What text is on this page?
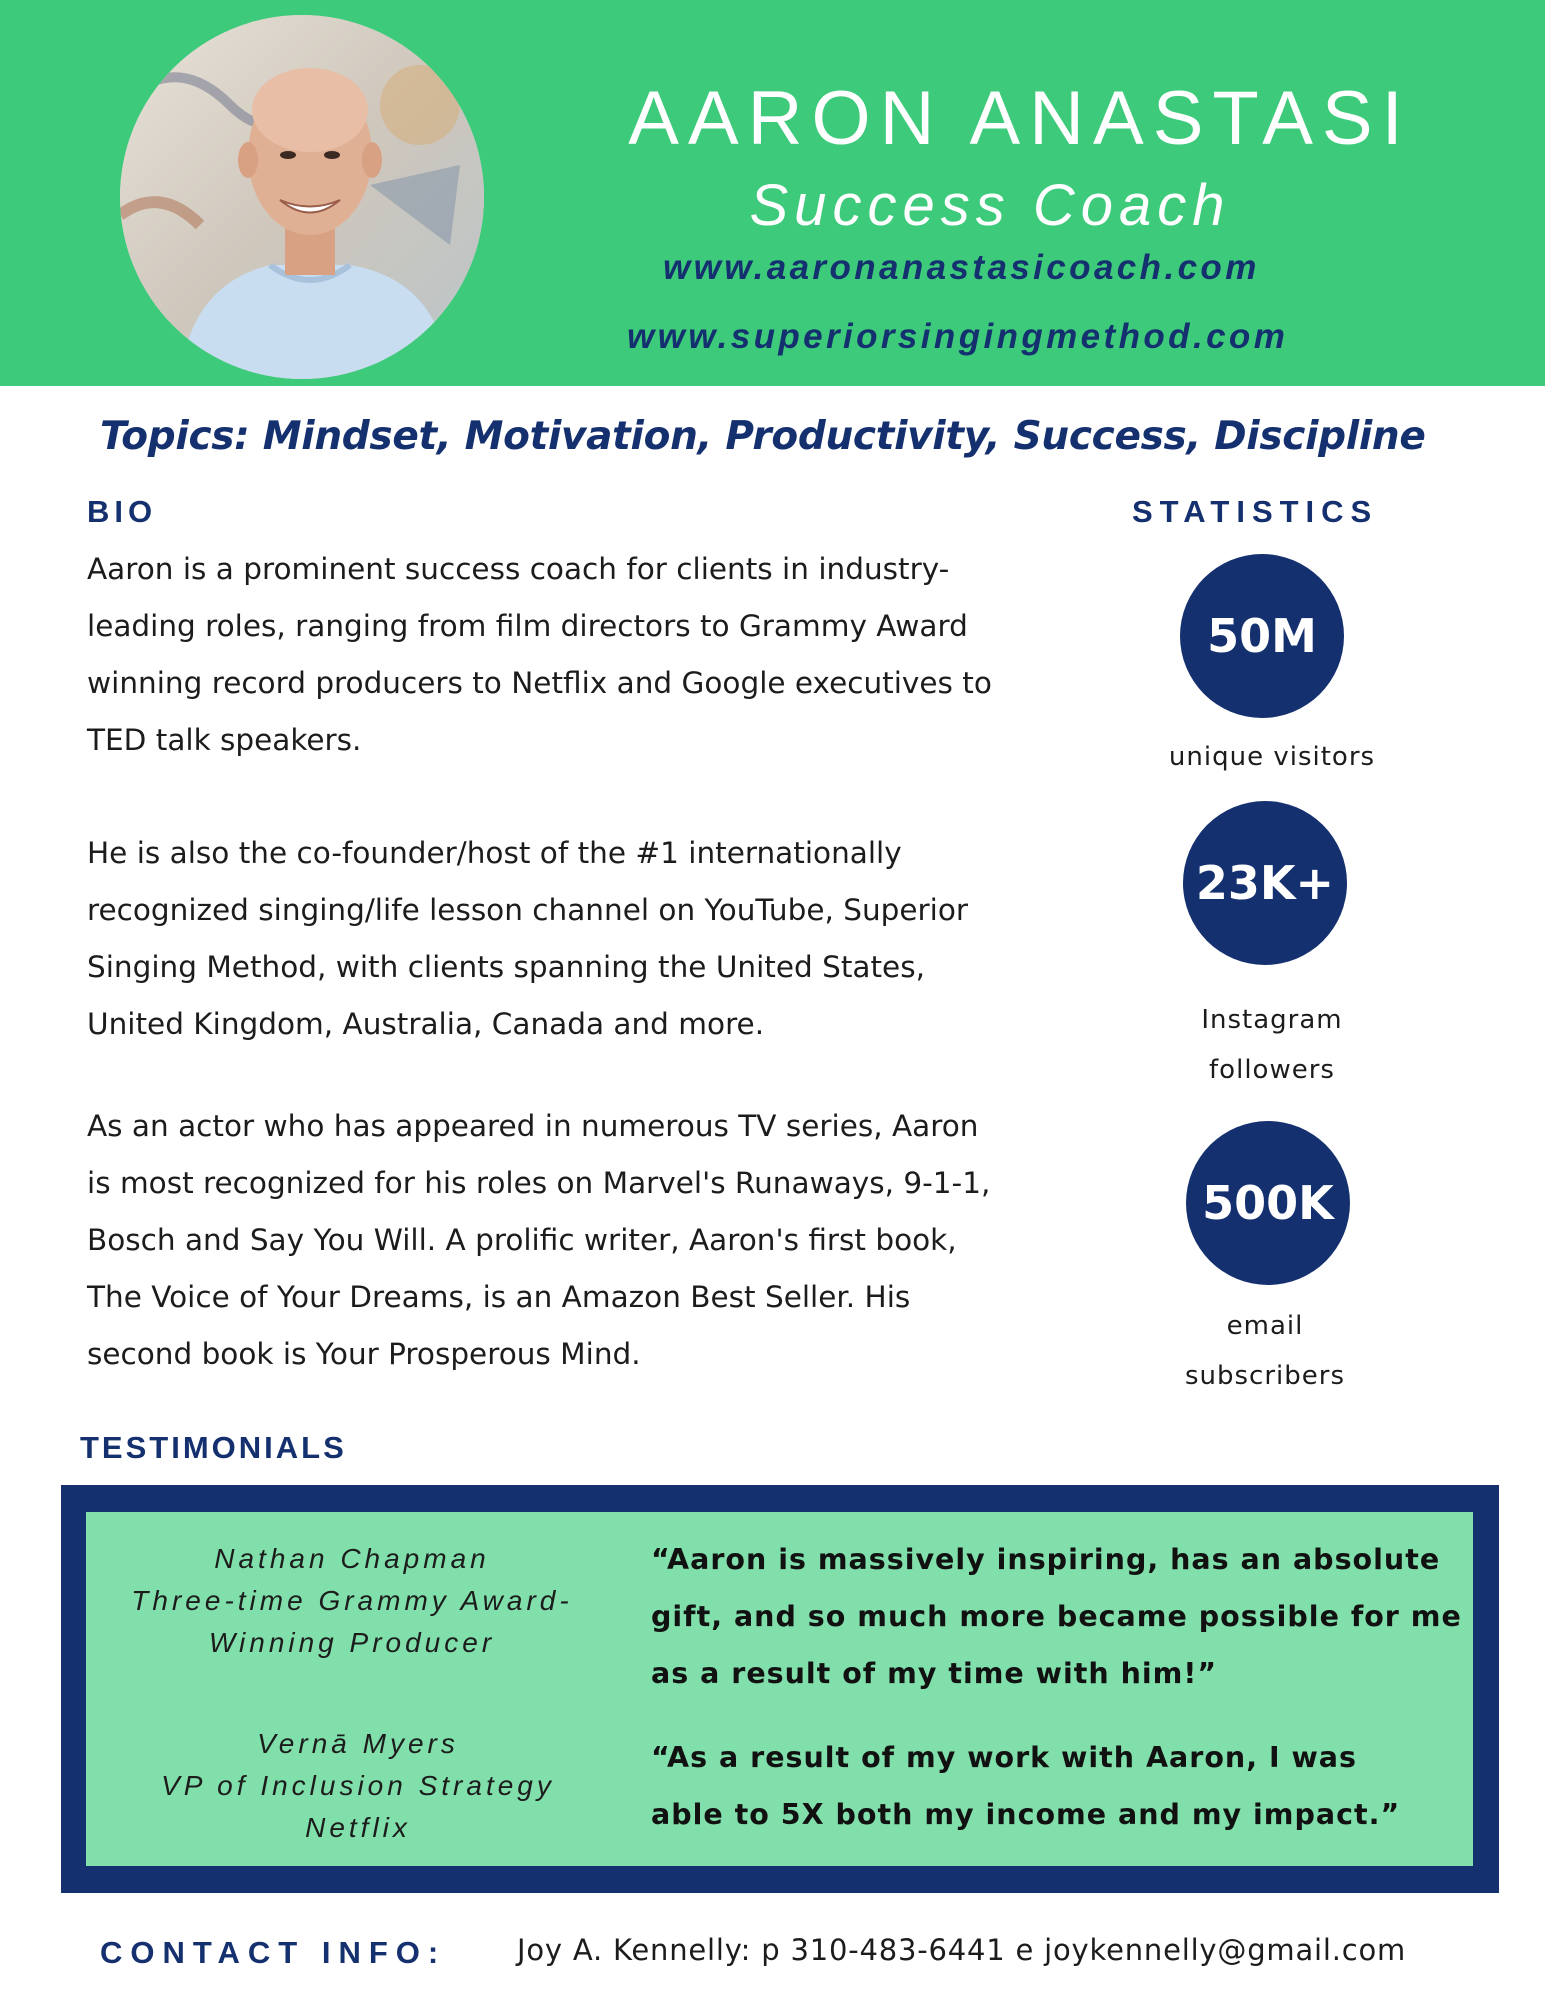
AARON ANASTASI
Success Coach
www.aaronanastasicoach.com
www.superiorsingingmethod.com
Topics: Mindset, Motivation, Productivity, Success, Discipline
BIO	STATISTICS
Aaron is a prominent success coach for clients in industry-
leading roles, ranging from film directors to Grammy Award
winning record producers to Netflix and Google executives to
TED talk speakers.
He is also the co-founder/host of the #1 internationally
recognized singing/life lesson channel on YouTube, Superior
Singing Method, with clients spanning the United States,
United Kingdom, Australia, Canada and more.
As an actor who has appeared in numerous TV series, Aaron
is most recognized for his roles on Marvel's Runaways, 9-1-1,
Bosch and Say You Will. A prolific writer, Aaron's first book,
The Voice of Your Dreams, is an Amazon Best Seller. His
second book is Your Prosperous Mind.
50M
unique visitors
23K+
Instagram
followers
500K
email
subscribers
TESTIMONIALS
Nathan Chapman
Three-time Grammy Award-
Winning Producer
“Aaron is massively inspiring, has an absolute
gift, and so much more became possible for me
as a result of my time with him!”
Vernā Myers
VP of Inclusion Strategy
Netflix
“As a result of my work with Aaron, I was
able to 5X both my income and my impact.”
CONTACT INFO: Joy A. Kennelly: p 310-483-6441 e joykennelly@gmail.com
